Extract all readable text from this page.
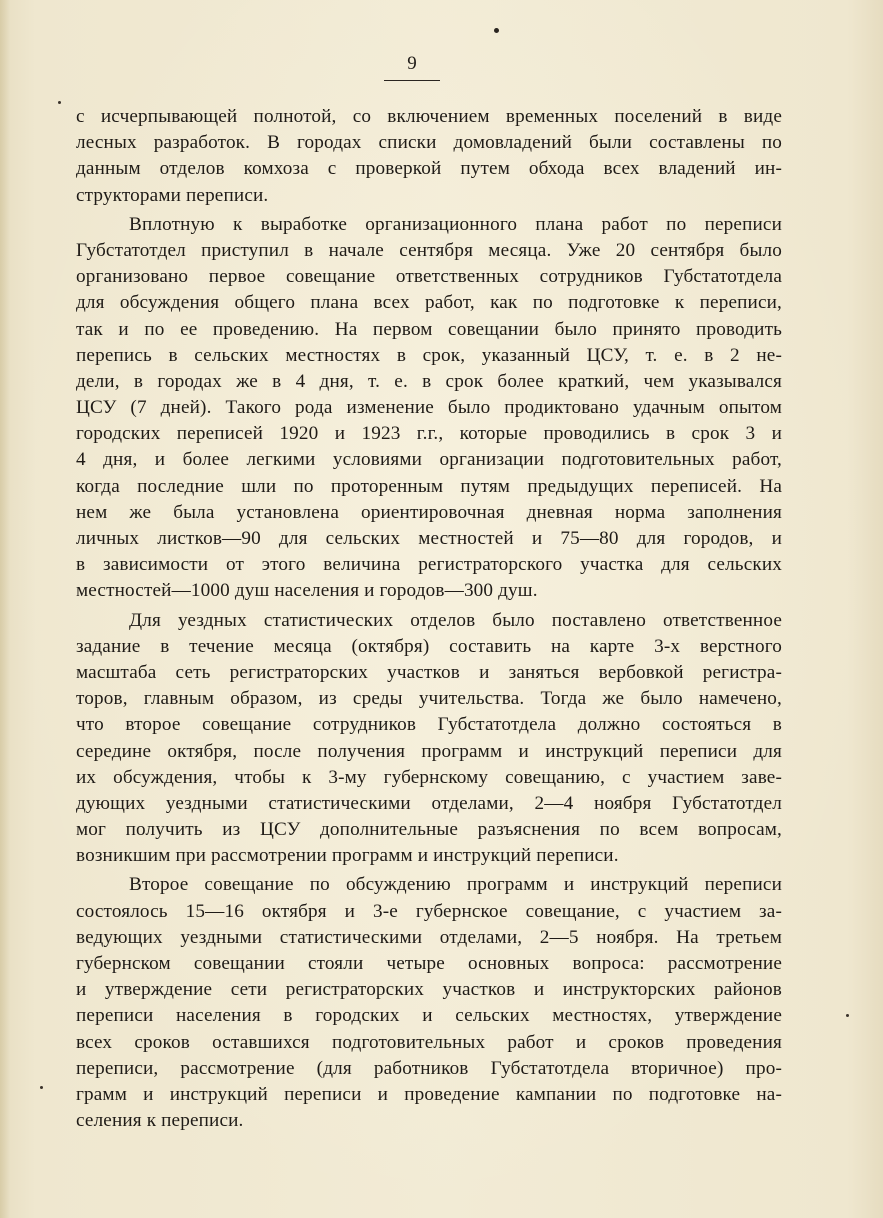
9
с исчерпывающей полнотой, со включением временных поселений в виде
лесных разработок. В городах списки домовладений были составлены по
данным отделов комхоза с проверкой путем обхода всех владений ин-
структорами переписи.
Вплотную к выработке организационного плана работ по переписи
Губстатотдел приступил в начале сентября месяца. Уже 20 сентября было
организовано первое совещание ответственных сотрудников Губстатотдела
для обсуждения общего плана всех работ, как по подготовке к переписи,
так и по ее проведению. На первом совещании было принято проводить
перепись в сельских местностях в срок, указанный ЦСУ, т. е. в 2 не-
дели, в городах же в 4 дня, т. е. в срок более краткий, чем указывался
ЦСУ (7 дней). Такого рода изменение было продиктовано удачным опытом
городских переписей 1920 и 1923 г.г., которые проводились в срок 3 и
4 дня, и более легкими условиями организации подготовительных работ,
когда последние шли по проторенным путям предыдущих переписей. На
нем же была установлена ориентировочная дневная норма заполнения
личных листков—90 для сельских местностей и 75—80 для городов, и
в зависимости от этого величина регистраторского участка для сельских
местностей—1000 душ населения и городов—300 душ.
Для уездных статистических отделов было поставлено ответственное
задание в течение месяца (октября) составить на карте 3-х верстного
масштаба сеть регистраторских участков и заняться вербовкой регистра-
торов, главным образом, из среды учительства. Тогда же было намечено,
что второе совещание сотрудников Губстатотдела должно состояться в
середине октября, после получения программ и инструкций переписи для
их обсуждения, чтобы к 3-му губернскому совещанию, с участием заве-
дующих уездными статистическими отделами, 2—4 ноября Губстатотдел
мог получить из ЦСУ дополнительные разъяснения по всем вопросам,
возникшим при рассмотрении программ и инструкций переписи.
Второе совещание по обсуждению программ и инструкций переписи
состоялось 15—16 октября и 3-е губернское совещание, с участием за-
ведующих уездными статистическими отделами, 2—5 ноября. На третьем
губернском совещании стояли четыре основных вопроса: рассмотрение
и утверждение сети регистраторских участков и инструкторских районов
переписи населения в городских и сельских местностях, утверждение
всех сроков оставшихся подготовительных работ и сроков проведения
переписи, рассмотрение (для работников Губстатотдела вторичное) про-
грамм и инструкций переписи и проведение кампании по подготовке на-
селения к переписи.
